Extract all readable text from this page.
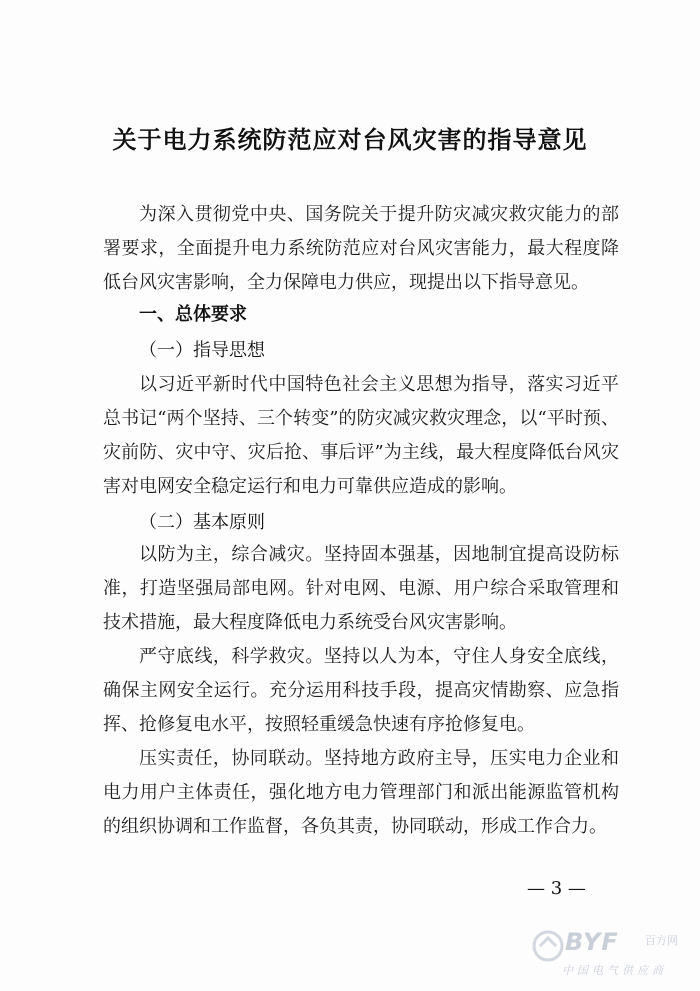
关于电力系统防范应对台风灾害的指导意见

为深入贯彻党中央、国务院关于提升防灾减灾救灾能力的部署要求，全面提升电力系统防范应对台风灾害能力，最大程度降低台风灾害影响，全力保障电力供应，现提出以下指导意见。

一、总体要求
（一）指导思想

以习近平新时代中国特色社会主义思想为指导，落实习近平总书记“两个坚持、三个转变”的防灾减灾救灾理念，以“平时预、灾前防、灾中守、灾后抢、事后评”为主线，最大程度降低台风灾害对电网安全稳定运行和电力可靠供应造成的影响。

（二）基本原则

以防为主，综合减灾。坚持固本强基，因地制宜提高设防标准，打造坚强局部电网。针对电网、电源、用户综合采取管理和技术措施，最大程度降低电力系统受台风灾害影响。

严守底线，科学救灾。坚持以人为本，守住人身安全底线，确保主网安全运行。充分运用科技手段，提高灾情勘察、应急指挥、抢修复电水平，按照轻重缓急快速有序抢修复电。

压实责任，协同联动。坚持地方政府主导，压实电力企业和电力用户主体责任，强化地方电力管理部门和派出能源监管机构的组织协调和工作监督，各负其责，协同联动，形成工作合力。

— 3 —
BYF 百方网
中国电气供应商
